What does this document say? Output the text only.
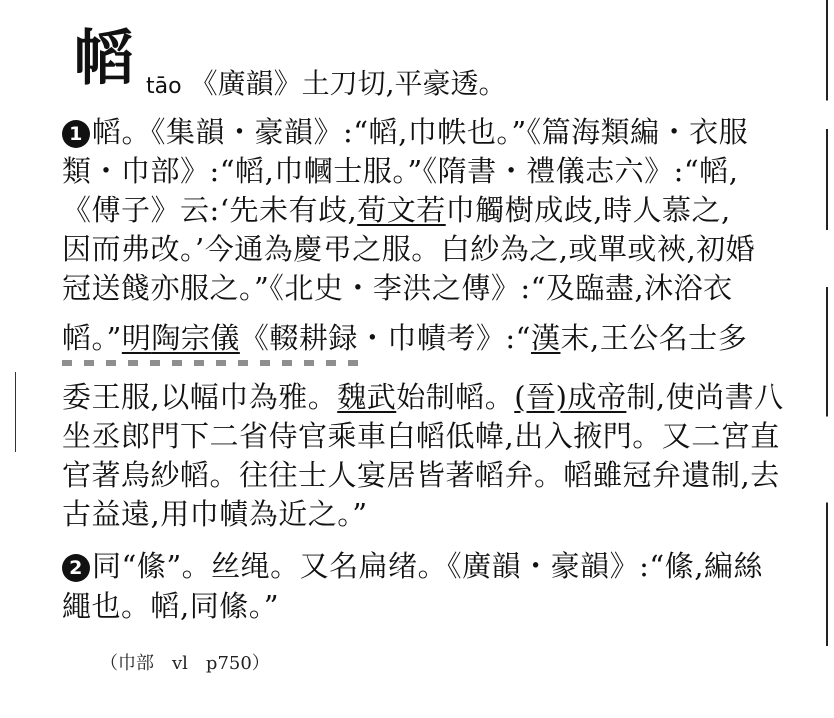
幍 tāo 《廣韻》土刀切,平豪透。
1 幍。《集韻・豪韻》:“幍,巾帙也。”《篇海類編・衣服
類・巾部》:“幍,巾幗士服。”《隋書・禮儀志六》:“幍,
《傅子》云:‘先未有歧,荀文若巾觸樹成歧,時人慕之,
因而弗改。’今通為慶弔之服。白紗為之,或單或裌,初婚
冠送餞亦服之。”《北史・李洪之傳》:“及臨盡,沐浴衣
幍。”明陶宗儀《輟耕録・巾幘考》:“漢末,王公名士多
委王服,以幅巾為雅。魏武始制幍。(晉)成帝制,使尚書八
坐丞郎門下二省侍官乘車白幍低幃,出入掖門。又二宮直
官著烏紗幍。往往士人宴居皆著幍弁。幍雖冠弁遺制,去
古益遠,用巾幘為近之。”
2 同“絛”。丝绳。又名扁绪。《廣韻・豪韻》:“絛,編絲
繩也。幍,同絛。”
（巾部　vl　p750）
